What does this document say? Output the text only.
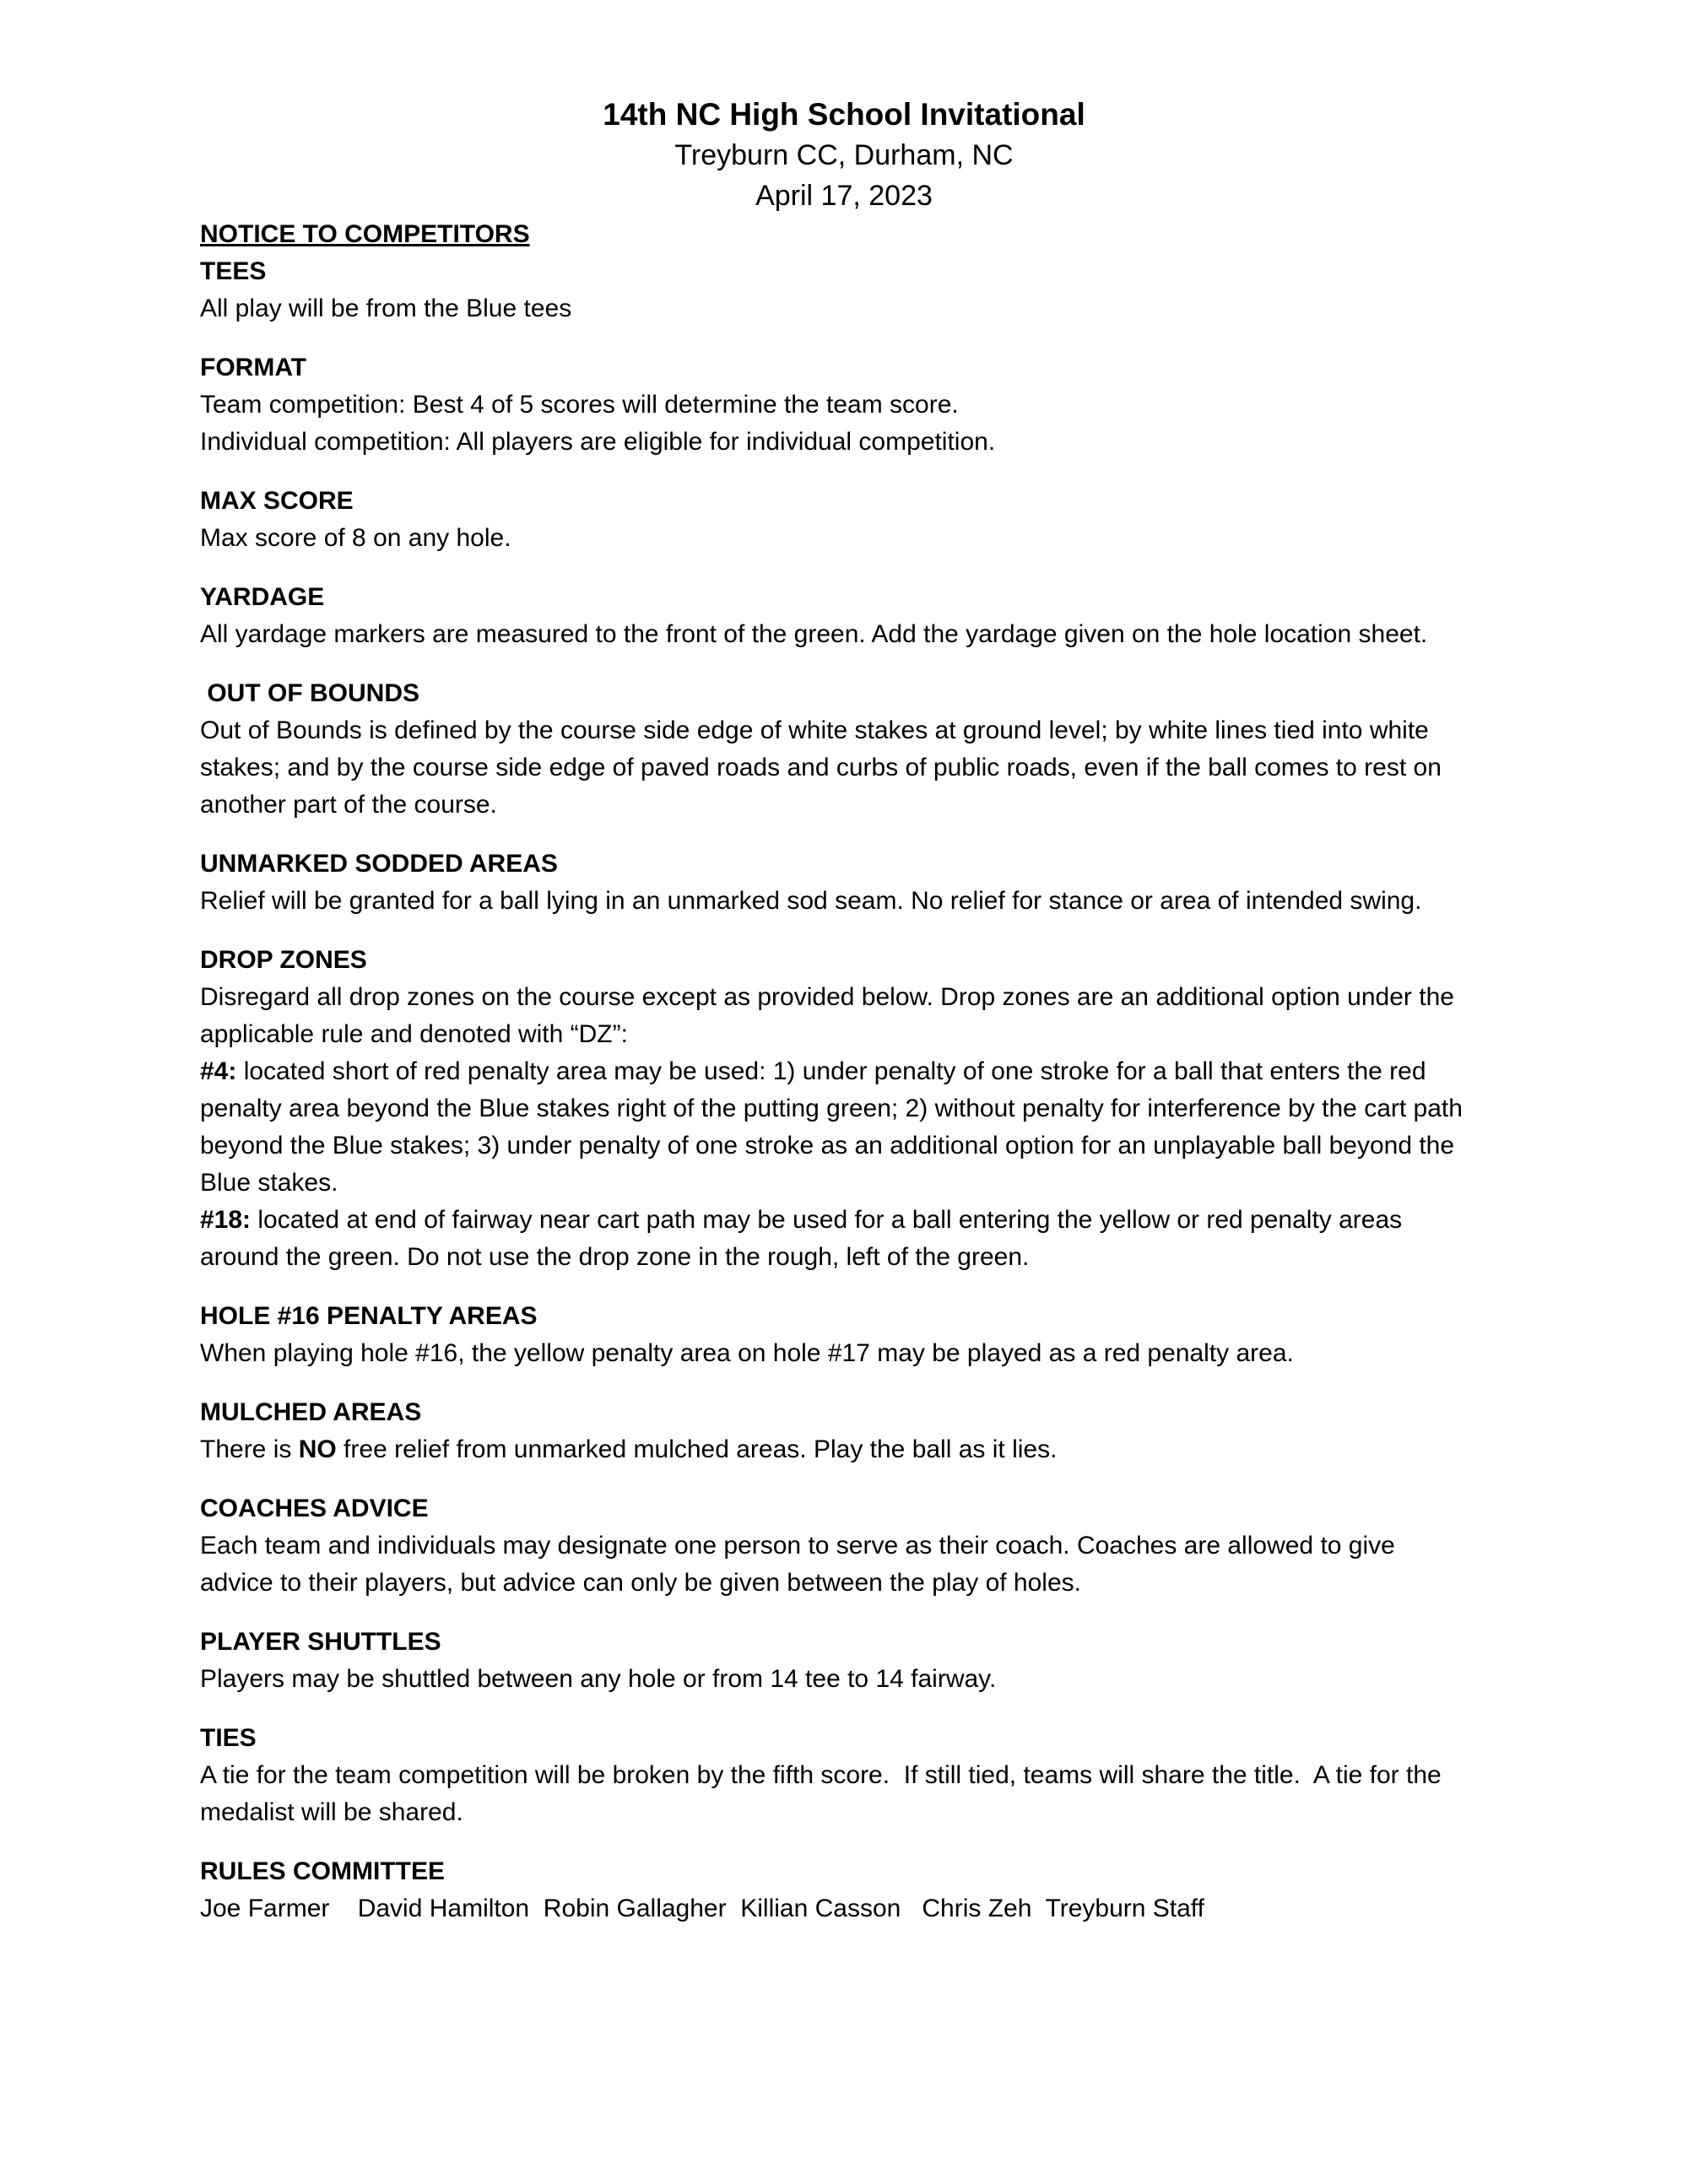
14th NC High School Invitational
Treyburn CC, Durham, NC
April 17, 2023
NOTICE TO COMPETITORS
TEES

All play will be from the Blue tees

FORMAT

Team competition: Best 4 of 5 scores will determine the team score.

Individual competition: All players are eligible for individual competition.

MAX SCORE

Max score of 8 on any hole.

YARDAGE

All yardage markers are measured to the front of the green. Add the yardage given on the hole location sheet.

OUT OF BOUNDS

Out of Bounds is defined by the course side edge of white stakes at ground level; by white lines tied into white stakes; and by the course side edge of paved roads and curbs of public roads, even if the ball comes to rest on another part of the course.

UNMARKED SODDED AREAS

Relief will be granted for a ball lying in an unmarked sod seam. No relief for stance or area of intended swing.

DROP ZONES

Disregard all drop zones on the course except as provided below. Drop zones are an additional option under the applicable rule and denoted with “DZ”:

#4: located short of red penalty area may be used: 1) under penalty of one stroke for a ball that enters the red penalty area beyond the Blue stakes right of the putting green; 2) without penalty for interference by the cart path beyond the Blue stakes; 3) under penalty of one stroke as an additional option for an unplayable ball beyond the Blue stakes.

#18: located at end of fairway near cart path may be used for a ball entering the yellow or red penalty areas around the green. Do not use the drop zone in the rough, left of the green.

HOLE #16 PENALTY AREAS

When playing hole #16, the yellow penalty area on hole #17 may be played as a red penalty area.

MULCHED AREAS

There is NO free relief from unmarked mulched areas. Play the ball as it lies.

COACHES ADVICE

Each team and individuals may designate one person to serve as their coach. Coaches are allowed to give advice to their players, but advice can only be given between the play of holes.

PLAYER SHUTTLES

Players may be shuttled between any hole or from 14 tee to 14 fairway.

TIES

A tie for the team competition will be broken by the fifth score.  If still tied, teams will share the title.  A tie for the medalist will be shared.

RULES COMMITTEE

Joe Farmer    David Hamilton  Robin Gallagher  Killian Casson   Chris Zeh  Treyburn Staff
